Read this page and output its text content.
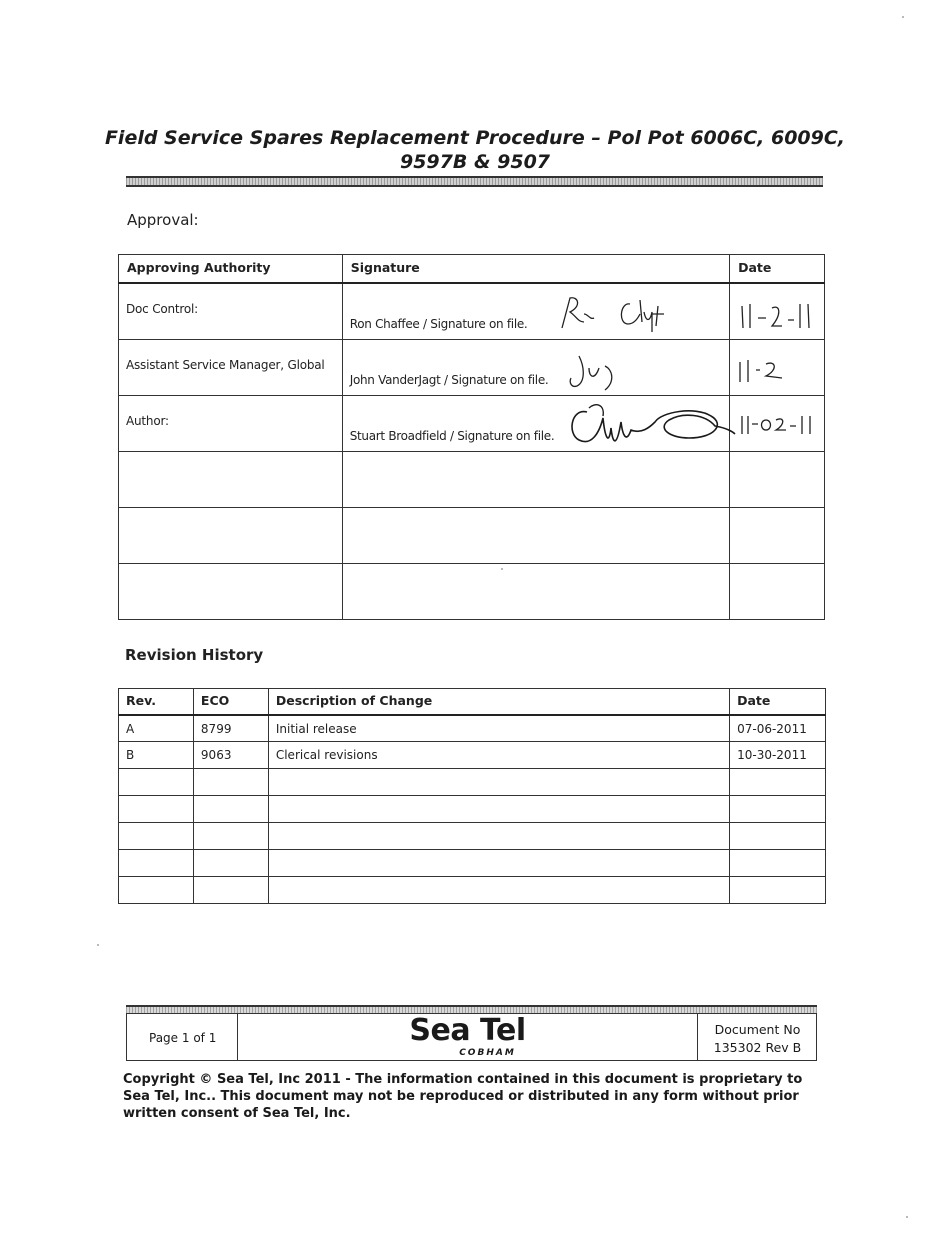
Field Service Spares Replacement Procedure – Pol Pot 6006C, 6009C,
9597B & 9507
Approval:
Approving Authority	Signature	Date

Doc Control:	Ron Chaffee / Signature on file.

Assistant Service Manager, Global	John VanderJagt / Signature on file.

Author:	Stuart Broadfield / Signature on file.

Revision History
Rev.	ECO	Description of Change	Date
A	8799	Initial release	07-06-2011
B	9063	Clerical revisions	10-30-2011

Page 1 of 1	Sea Tel
COBHAM
Document No
135302 Rev B
Copyright © Sea Tel, Inc 2011 - The information contained in this document is proprietary to Sea Tel, Inc.. This document may not be reproduced or distributed in any form without prior written consent of Sea Tel, Inc.
